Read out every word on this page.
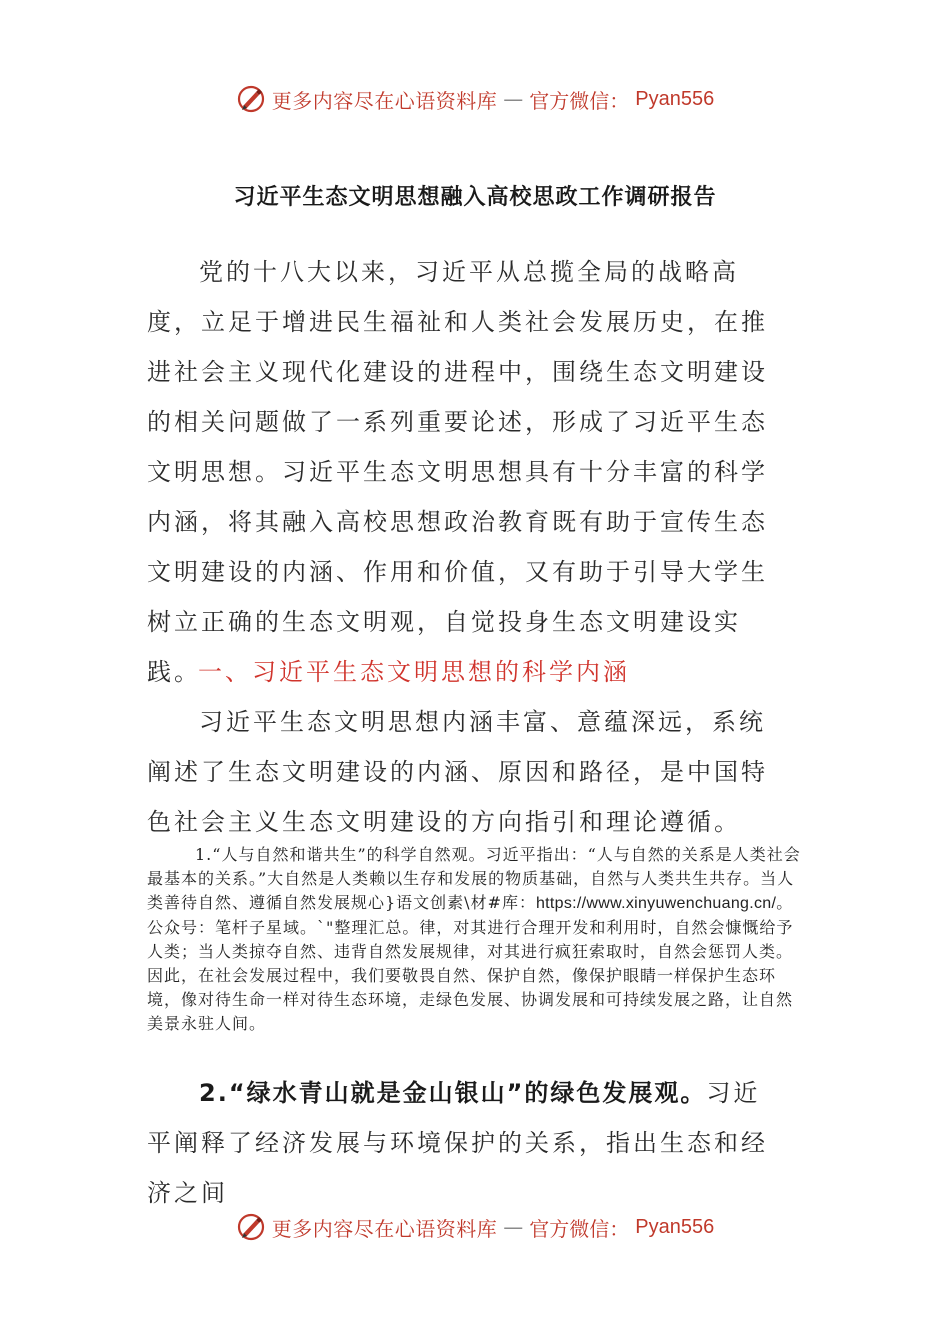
更多内容尽在心语资料库 — 官方微信： Pyan556
习近平生态文明思想融入高校思政工作调研报告
党的十八大以来，习近平从总揽全局的战略高度，立足于增进民生福祉和人类社会发展历史，在推进社会主义现代化建设的进程中，围绕生态文明建设的相关问题做了一系列重要论述，形成了习近平生态文明思想。习近平生态文明思想具有十分丰富的科学内涵，将其融入高校思想政治教育既有助于宣传生态文明建设的内涵、作用和价值，又有助于引导大学生树立正确的生态文明观，自觉投身生态文明建设实践。
一、习近平生态文明思想的科学内涵
习近平生态文明思想内涵丰富、意蕴深远，系统阐述了生态文明建设的内涵、原因和路径，是中国特色社会主义生态文明建设的方向指引和理论遵循。
1.“人与自然和谐共生”的科学自然观。习近平指出：“人与自然的关系是人类社会最基本的关系。”大自然是人类赖以生存和发展的物质基础，自然与人类共生共存。当人类善待自然、遵循自然发展规心}语文创素\材#库：https://www.xinyuwenchuang.cn/。公众号：笔杆子星域。`"整理汇总。律，对其进行合理开发和利用时，自然会慷慨给予人类；当人类掠夺自然、违背自然发展规律，对其进行疯狂索取时，自然会惩罚人类。因此，在社会发展过程中，我们要敬畏自然、保护自然，像保护眼睛一样保护生态环境，像对待生命一样对待生态环境，走绿色发展、协调发展和可持续发展之路，让自然美景永驻人间。
2.“绿水青山就是金山银山”的绿色发展观。习近平阐释了经济发展与环境保护的关系，指出生态和经济之间
更多内容尽在心语资料库 — 官方微信： Pyan556
